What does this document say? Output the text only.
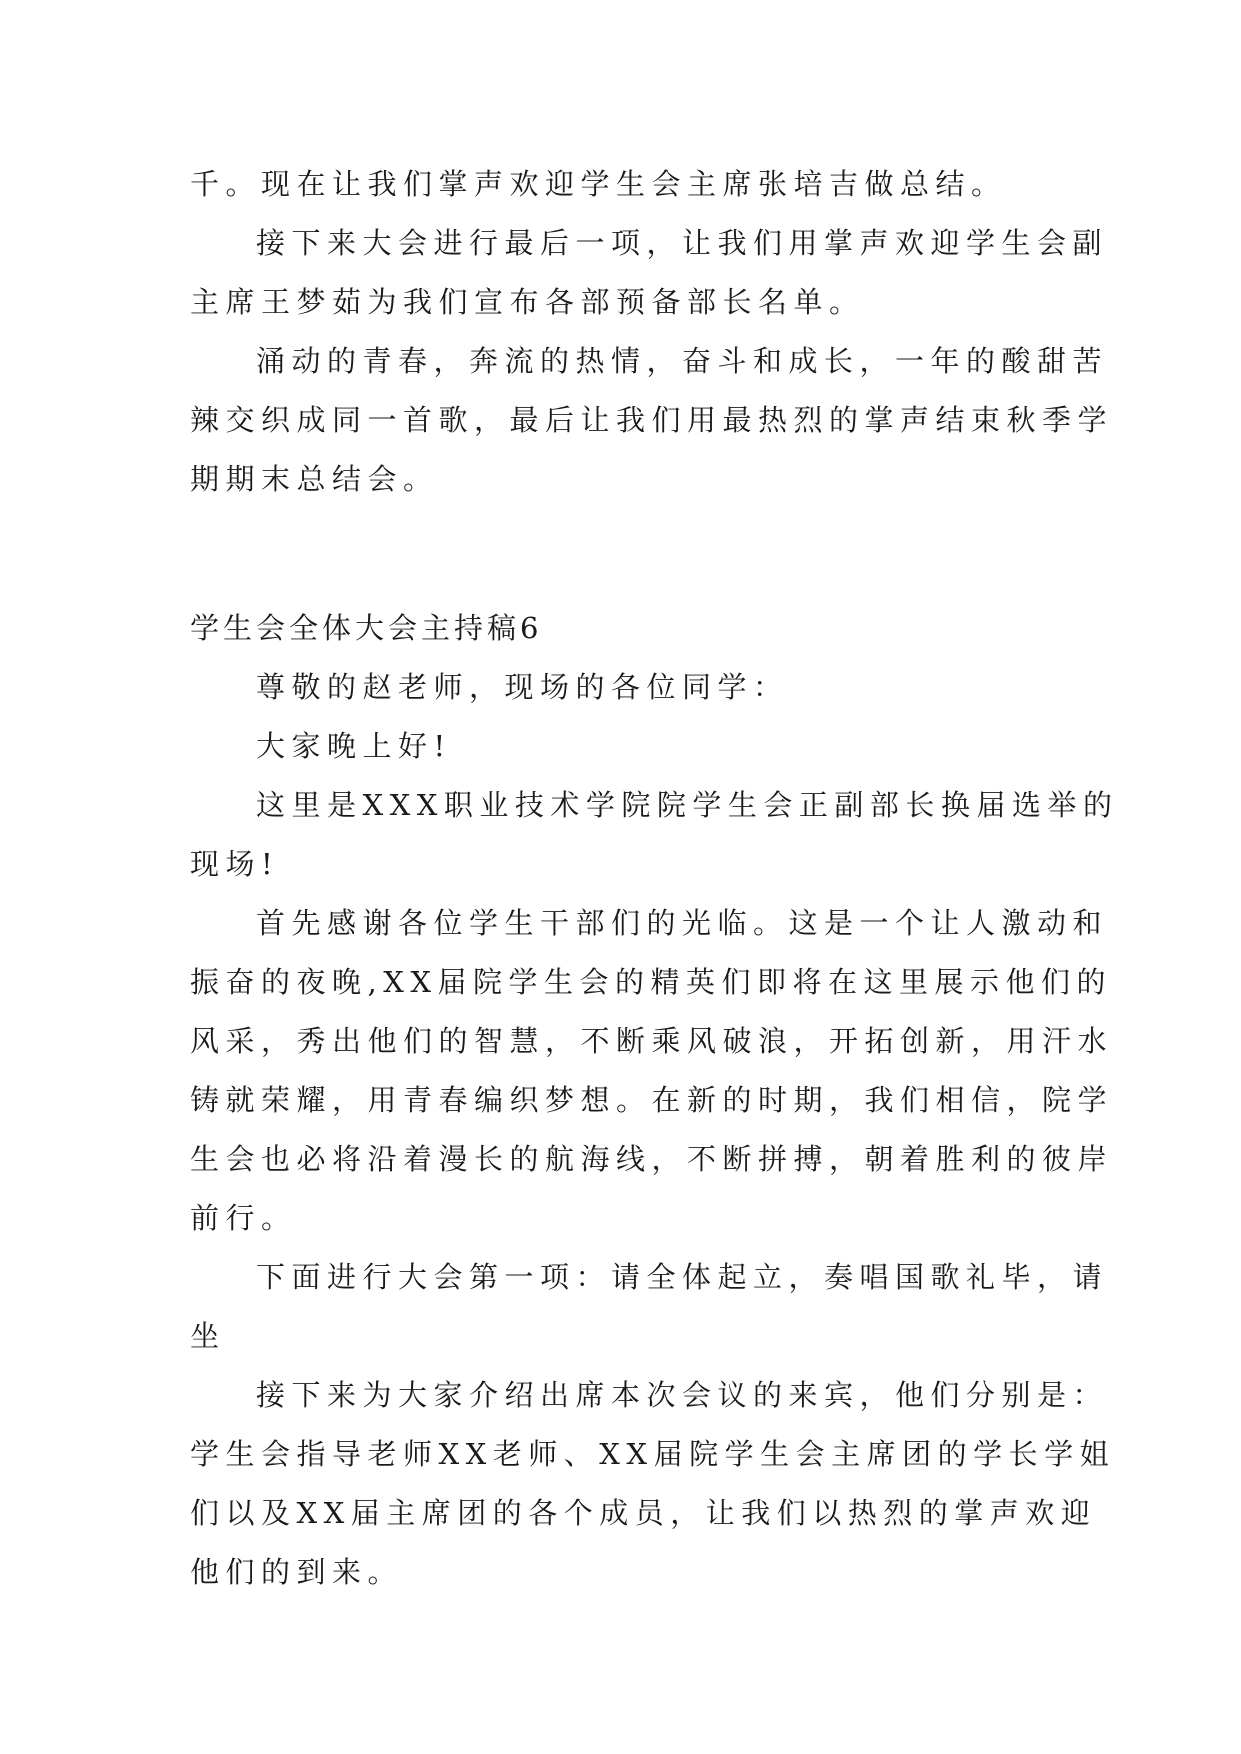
千。现在让我们掌声欢迎学生会主席张培吉做总结。
接下来大会进行最后一项，让我们用掌声欢迎学生会副
主席王梦茹为我们宣布各部预备部长名单。
涌动的青春，奔流的热情，奋斗和成长，一年的酸甜苦
辣交织成同一首歌，最后让我们用最热烈的掌声结束秋季学
期期末总结会。
学生会全体大会主持稿6
尊敬的赵老师，现场的各位同学：
大家晚上好!
这里是XXX职业技术学院院学生会正副部长换届选举的
现场!
首先感谢各位学生干部们的光临。这是一个让人激动和
振奋的夜晚,XX届院学生会的精英们即将在这里展示他们的
风采，秀出他们的智慧，不断乘风破浪，开拓创新，用汗水
铸就荣耀，用青春编织梦想。在新的时期，我们相信，院学
生会也必将沿着漫长的航海线，不断拼搏，朝着胜利的彼岸
前行。
下面进行大会第一项：请全体起立，奏唱国歌礼毕，请
坐
接下来为大家介绍出席本次会议的来宾，他们分别是：
学生会指导老师XX老师、XX届院学生会主席团的学长学姐
们以及XX届主席团的各个成员，让我们以热烈的掌声欢迎
他们的到来。
